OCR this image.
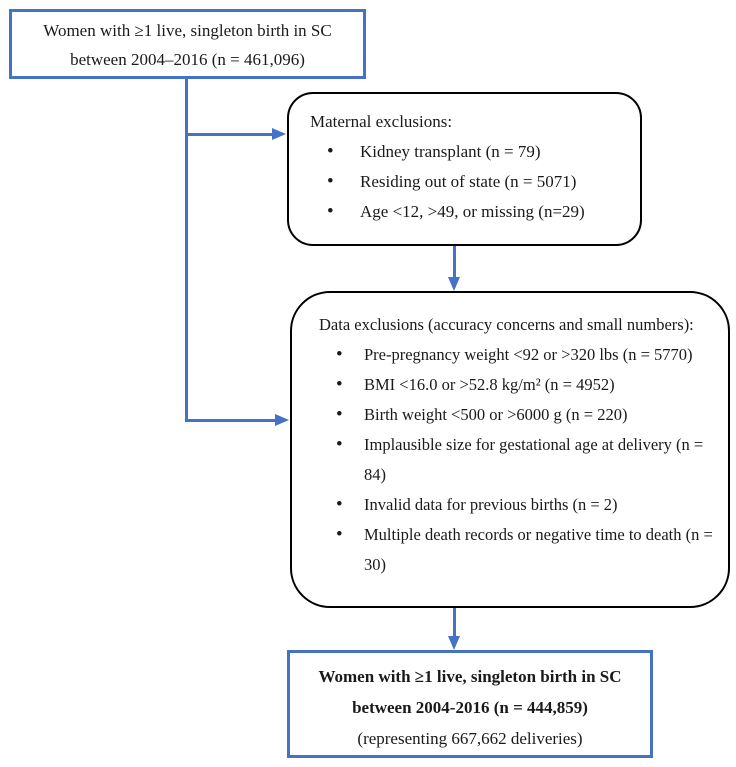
Women with ≥1 live, singleton birth in SC
between 2004–2016 (n = 461,096)
Maternal exclusions:
• Kidney transplant (n = 79)
• Residing out of state (n = 5071)
• Age <12, >49, or missing (n=29)
Data exclusions (accuracy concerns and small numbers):
• Pre-pregnancy weight <92 or >320 lbs (n = 5770)
• BMI <16.0 or >52.8 kg/m² (n = 4952)
• Birth weight <500 or >6000 g (n = 220)
• Implausible size for gestational age at delivery (n = 84)
• Invalid data for previous births (n = 2)
• Multiple death records or negative time to death (n = 30)
Women with ≥1 live, singleton birth in SC
between 2004-2016 (n = 444,859)
(representing 667,662 deliveries)
